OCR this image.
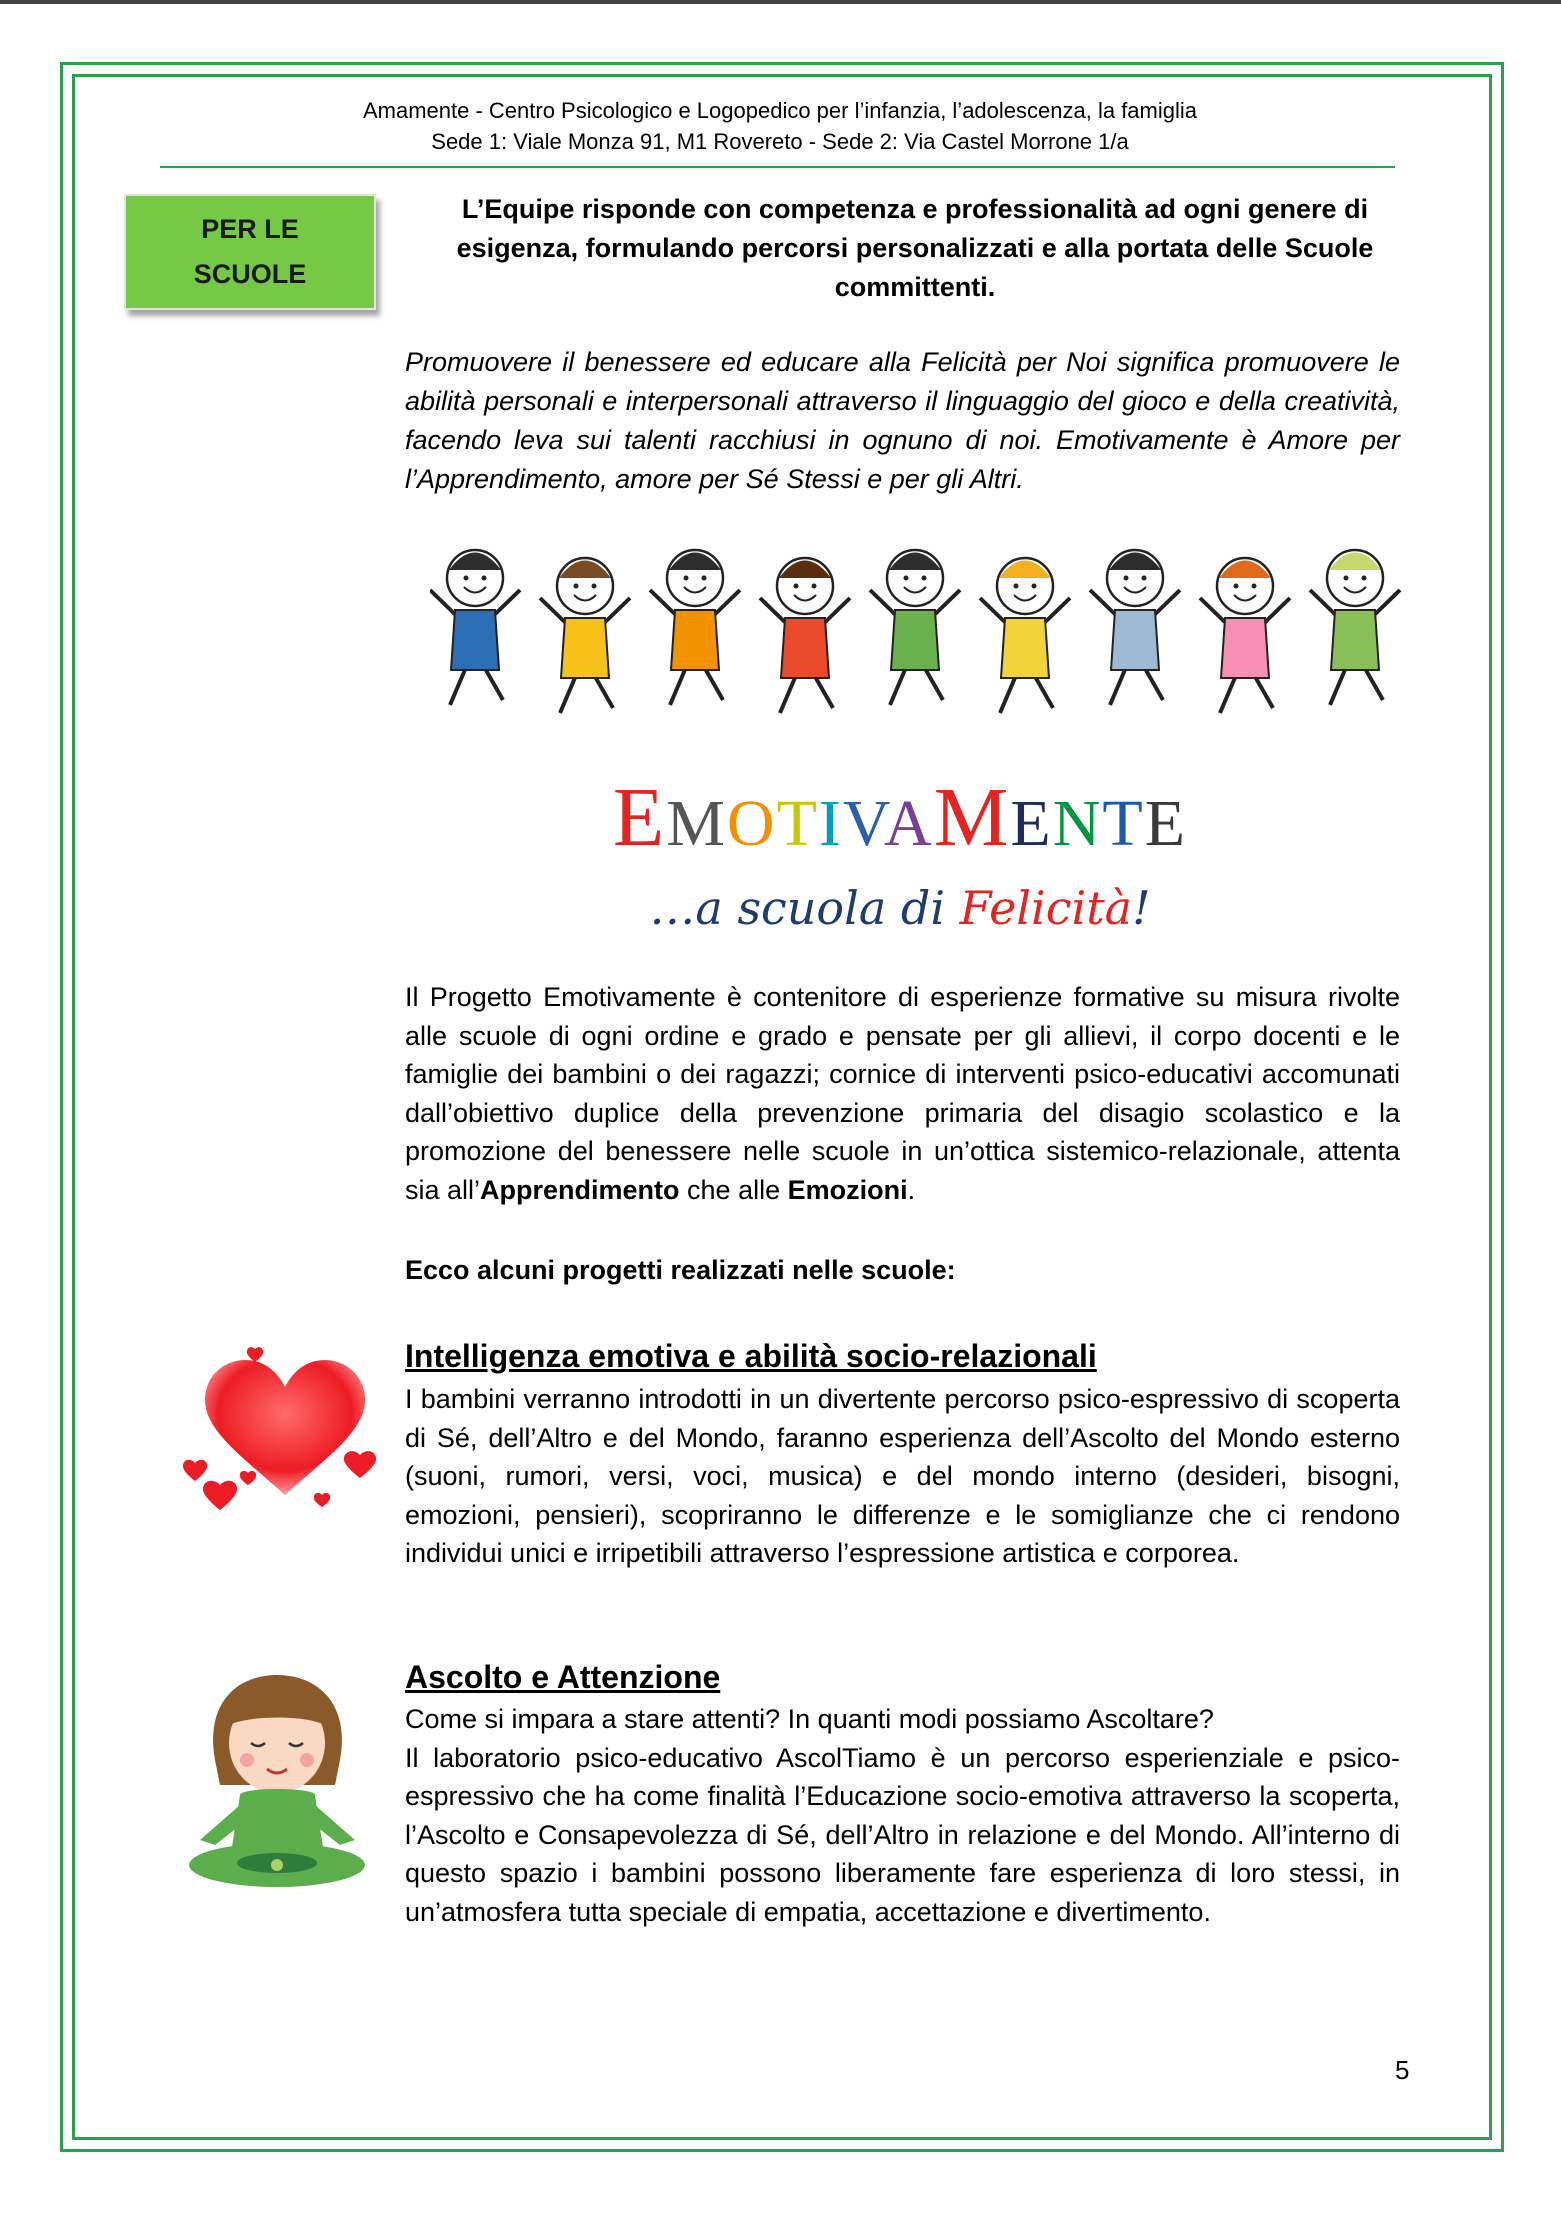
Amamente - Centro Psicologico e Logopedico per l’infanzia, l’adolescenza, la famiglia
Sede 1: Viale Monza 91, M1 Rovereto - Sede 2: Via Castel Morrone 1/a
PER LE
SCUOLE
L’Equipe risponde con competenza e professionalità ad ogni genere di esigenza, formulando percorsi personalizzati e alla portata delle Scuole committenti.
Promuovere il benessere ed educare alla Felicità per Noi significa promuovere le abilità personali e interpersonali attraverso il linguaggio del gioco e della creatività, facendo leva sui talenti racchiusi in ognuno di noi. Emotivamente è Amore per l’Apprendimento, amore per Sé Stessi e per gli Altri.
EMOTIVAMENTE
…a scuola di Felicità!
Il Progetto Emotivamente è contenitore di esperienze formative su misura rivolte alle scuole di ogni ordine e grado e pensate per gli allievi, il corpo docenti e le famiglie dei bambini o dei ragazzi; cornice di interventi psico-educativi accomunati dall’obiettivo duplice della prevenzione primaria del disagio scolastico e la promozione del benessere nelle scuole in un’ottica sistemico-relazionale, attenta sia all’Apprendimento che alle Emozioni.
Ecco alcuni progetti realizzati nelle scuole:
Intelligenza emotiva e abilità socio-relazionali
I bambini verranno introdotti in un divertente percorso psico-espressivo di scoperta di Sé, dell’Altro e del Mondo, faranno esperienza dell’Ascolto del Mondo esterno (suoni, rumori, versi, voci, musica) e del mondo interno (desideri, bisogni, emozioni, pensieri), scopriranno le differenze e le somiglianze che ci rendono individui unici e irripetibili attraverso l’espressione artistica e corporea.
Ascolto e Attenzione
Come si impara a stare attenti? In quanti modi possiamo Ascoltare?
Il laboratorio psico-educativo AscolTiamo è un percorso esperienziale e psico-espressivo che ha come finalità l’Educazione socio-emotiva attraverso la scoperta, l’Ascolto e Consapevolezza di Sé, dell’Altro in relazione e del Mondo. All’interno di questo spazio i bambini possono liberamente fare esperienza di loro stessi, in un’atmosfera tutta speciale di empatia, accettazione e divertimento.
5
